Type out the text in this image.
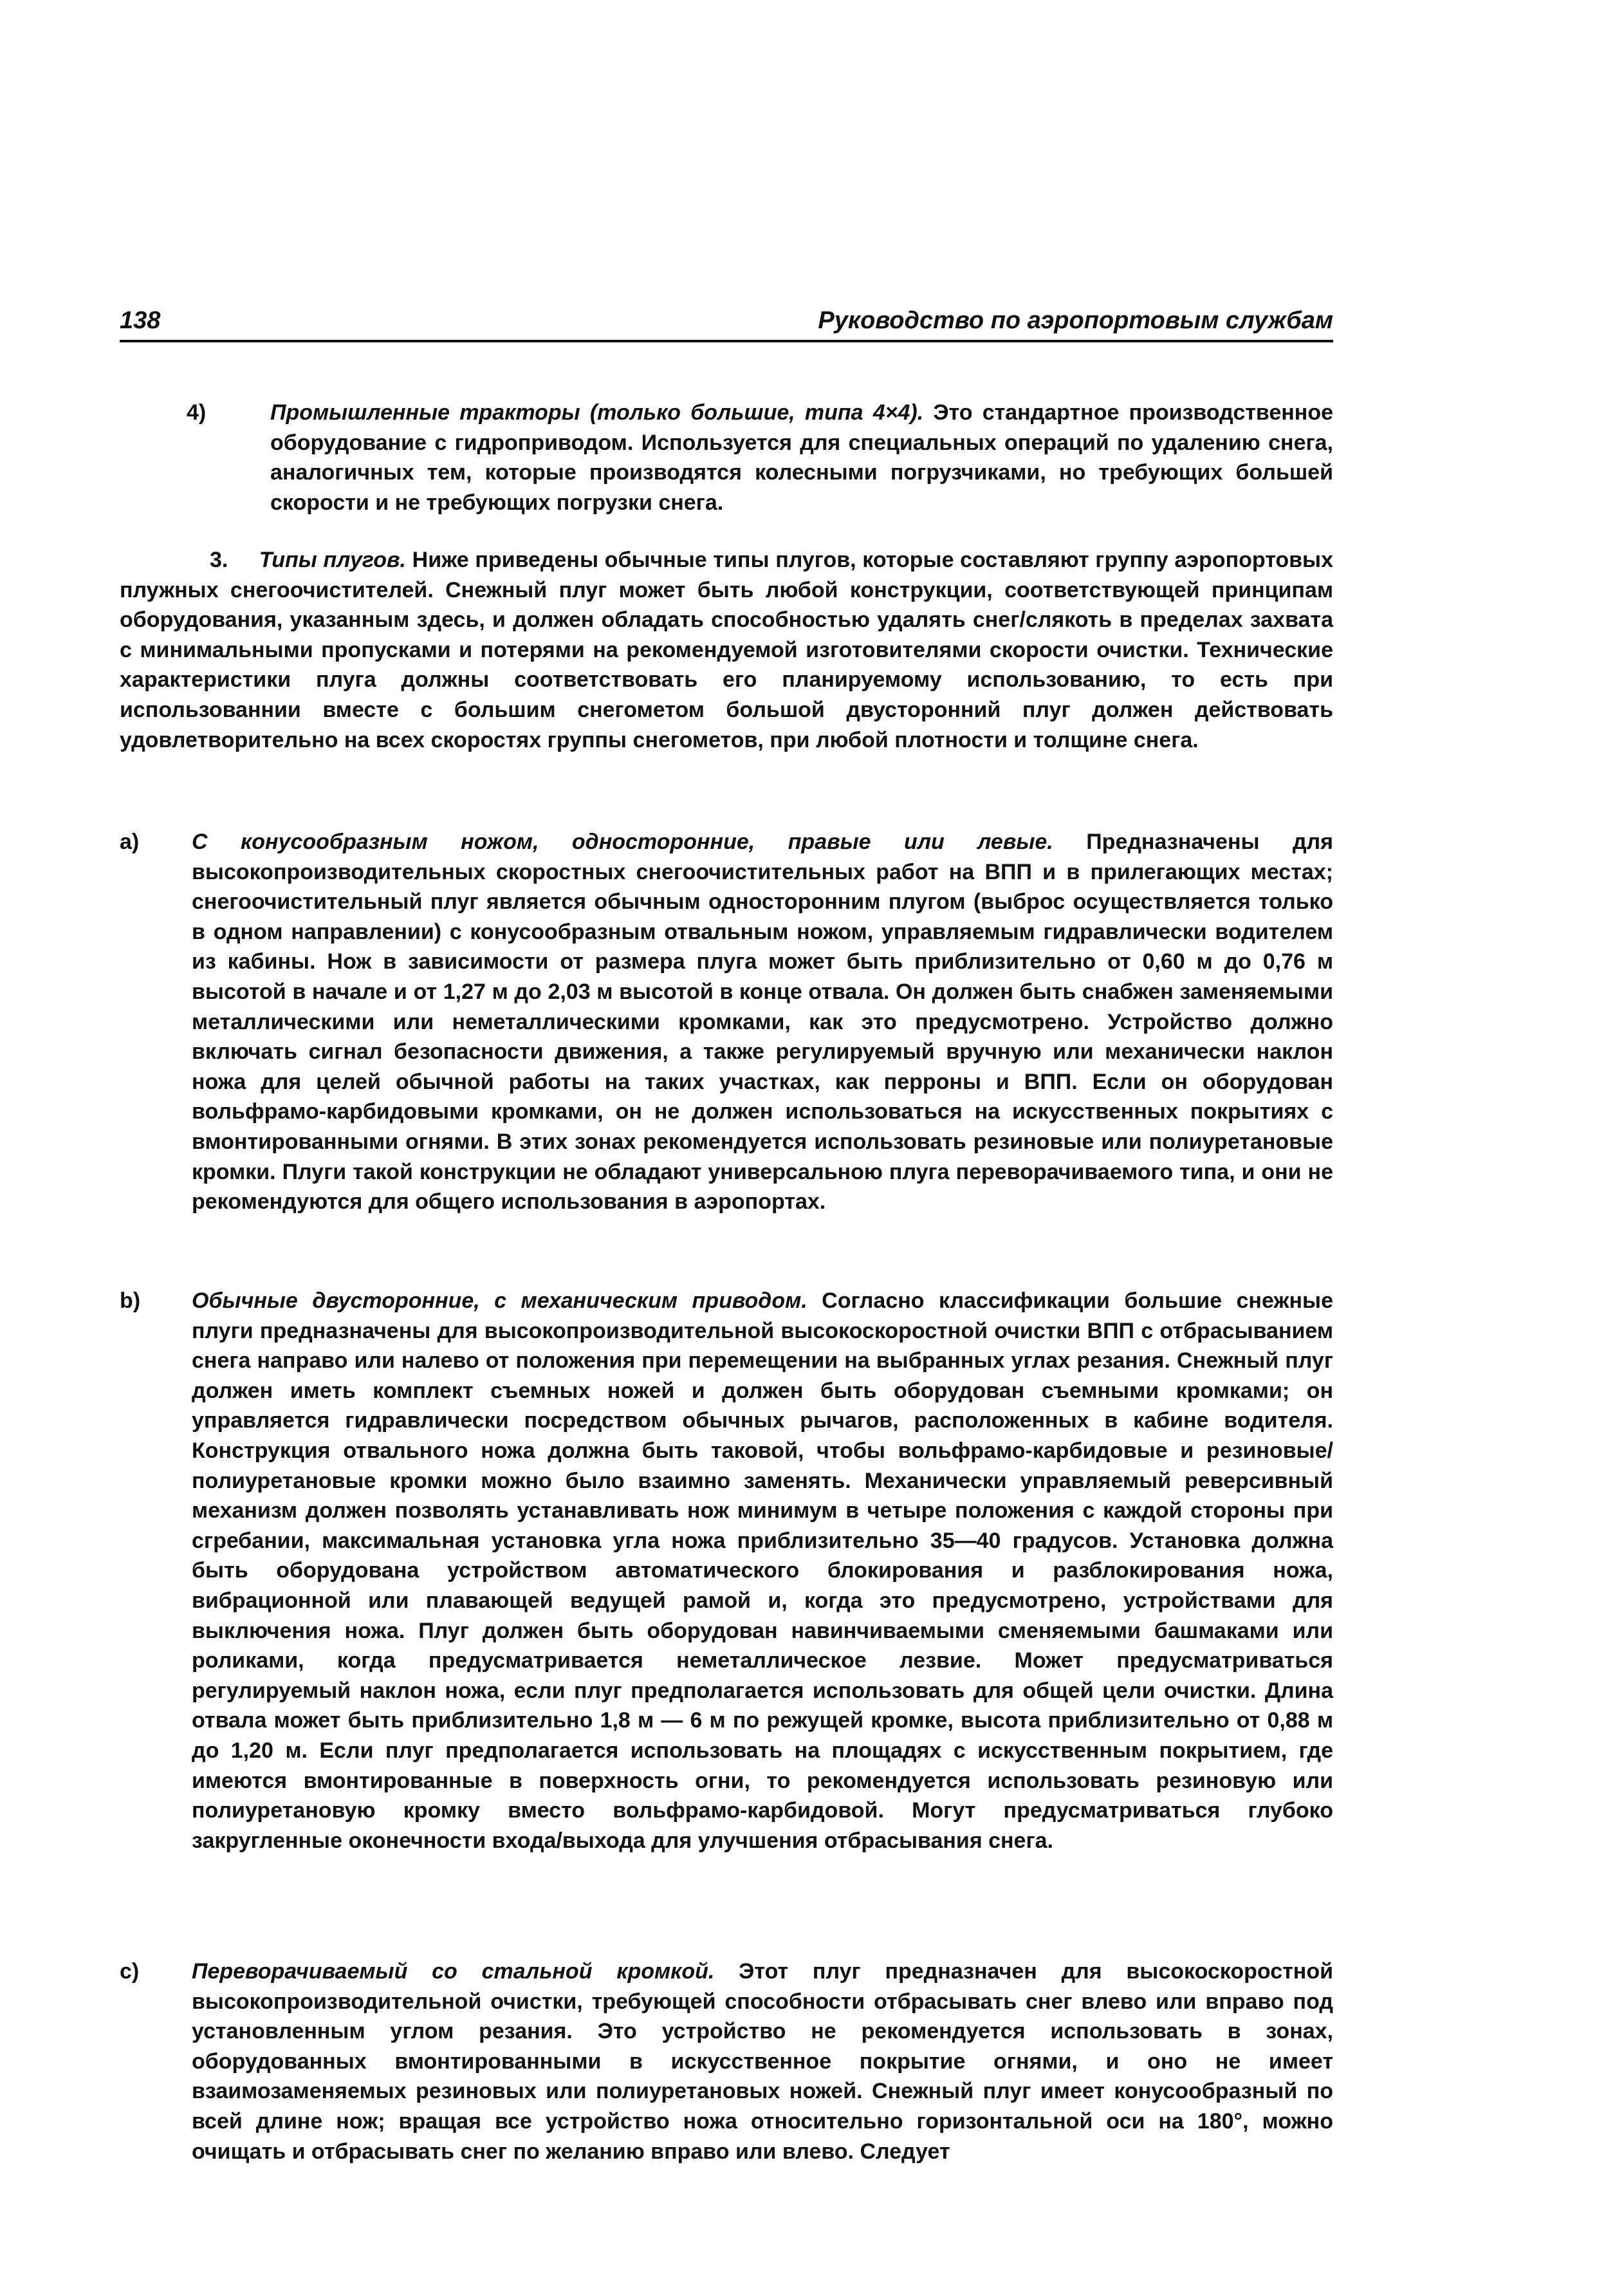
138	Руководство по аэропортовым службам
4)	Промышленные тракторы (только большие, типа 4×4). Это стандартное производственное оборудование с гидроприводом. Используется для специальных операций по удалению снега, аналогичных тем, которые производятся колесными погрузчиками, но требующих большей скорости и не требующих погрузки снега.
3. Типы плугов. Ниже приведены обычные типы плугов, которые составляют группу аэропортовых плужных снегоочистителей. Снежный плуг может быть любой конструкции, соответствующей принципам оборудования, указанным здесь, и должен обладать способностью удалять снег/слякоть в пределах захвата с минимальными пропусками и потерями на рекомендуемой изготовителями скорости очистки. Технические характеристики плуга должны соответствовать его планируемому использованию, то есть при использованнии вместе с большим снегометом большой двусторонний плуг должен действовать удовлетворительно на всех скоростях группы снегометов, при любой плотности и толщине снега.
a) С конусообразным ножом, односторонние, правые или левые. Предназначены для высокопроизводительных скоростных снегоочистительных работ на ВПП и в прилегающих местах; снегоочистительный плуг является обычным односторонним плугом (выброс осуществляется только в одном направлении) с конусообразным отвальным ножом, управляемым гидравлически водителем из кабины. Нож в зависимости от размера плуга может быть приблизительно от 0,60 м до 0,76 м высотой в начале и от 1,27 м до 2,03 м высотой в конце отвала. Он должен быть снабжен заменяемыми металлическими или неметаллическими кромками, как это предусмотрено. Устройство должно включать сигнал безопасности движения, а также регулируемый вручную или механически наклон ножа для целей обычной работы на таких участках, как перроны и ВПП. Если он оборудован вольфрамо-карбидовыми кромками, он не должен использоваться на искусственных покрытиях с вмонтированными огнями. В этих зонах рекомендуется использовать резиновые или полиуретановые кромки. Плуги такой конструкции не обладают универсальною плуга переворачиваемого типа, и они не рекомендуются для общего использования в аэропортах.
b) Обычные двусторонние, с механическим приводом. Согласно классификации большие снежные плуги предназначены для высокопроизводительной высокоскоростной очистки ВПП с отбрасыванием снега направо или налево от положения при перемещении на выбранных углах резания. Снежный плуг должен иметь комплект съемных ножей и должен быть оборудован съемными кромками; он управляется гидравлически посредством обычных рычагов, расположенных в кабине водителя. Конструкция отвального ножа должна быть таковой, чтобы вольфрамо-карбидовые и резиновые/полиуретановые кромки можно было взаимно заменять. Механически управляемый реверсивный механизм должен позволять устанавливать нож минимум в четыре положения с каждой стороны при сгребании, максимальная установка угла ножа приблизительно 35—40 градусов. Установка должна быть оборудована устройством автоматического блокирования и разблокирования ножа, вибрационной или плавающей ведущей рамой и, когда это предусмотрено, устройствами для выключения ножа. Плуг должен быть оборудован навинчиваемыми сменяемыми башмаками или роликами, когда предусматривается неметаллическое лезвие. Может предусматриваться регулируемый наклон ножа, если плуг предполагается использовать для общей цели очистки. Длина отвала может быть приблизительно 1,8 м — 6 м по режущей кромке, высота приблизительно от 0,88 м до 1,20 м. Если плуг предполагается использовать на площадях с искусственным покрытием, где имеются вмонтированные в поверхность огни, то рекомендуется использовать резиновую или полиуретановую кромку вместо вольфрамо-карбидовой. Могут предусматриваться глубоко закругленные оконечности входа/выхода для улучшения отбрасывания снега.
c) Переворачиваемый со стальной кромкой. Этот плуг предназначен для высокоскоростной высокопроизводительной очистки, требующей способности отбрасывать снег влево или вправо под установленным углом резания. Это устройство не рекомендуется использовать в зонах, оборудованных вмонтированными в искусственное покрытие огнями, и оно не имеет взаимозаменяемых резиновых или полиуретановых ножей. Снежный плуг имеет конусообразный по всей длине нож; вращая все устройство ножа относительно горизонтальной оси на 180°, можно очищать и отбрасывать снег по желанию вправо или влево. Следует
